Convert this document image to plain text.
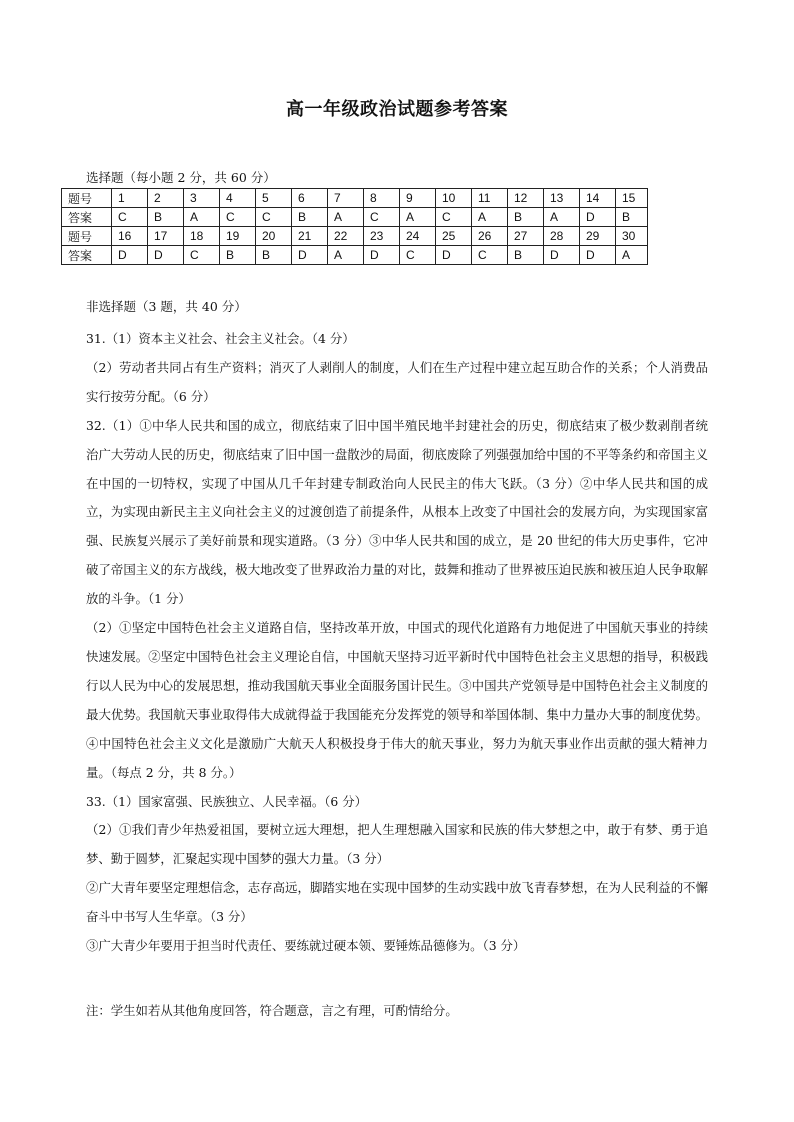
高一年级政治试题参考答案
选择题（每小题 2 分，共 60 分）
题号	1	2	3	4	5	6	7	8	9	10	11	12	13	14	15
答案	C	B	A	C	C	B	A	C	A	C	A	B	A	D	B
题号	16	17	18	19	20	21	22	23	24	25	26	27	28	29	30
答案	D	D	C	B	B	D	A	D	C	D	C	B	D	D	A
非选择题（3 题，共 40 分）

31.（1）资本主义社会、社会主义社会。（4 分）

（2）劳动者共同占有生产资料；消灭了人剥削人的制度，人们在生产过程中建立起互助合作的关系；个人消费品实行按劳分配。（6 分）

32.（1）①中华人民共和国的成立，彻底结束了旧中国半殖民地半封建社会的历史，彻底结束了极少数剥削者统治广大劳动人民的历史，彻底结束了旧中国一盘散沙的局面，彻底废除了列强强加给中国的不平等条约和帝国主义在中国的一切特权，实现了中国从几千年封建专制政治向人民民主的伟大飞跃。（3 分）②中华人民共和国的成立，为实现由新民主主义向社会主义的过渡创造了前提条件，从根本上改变了中国社会的发展方向，为实现国家富强、民族复兴展示了美好前景和现实道路。（3 分）③中华人民共和国的成立，是 20 世纪的伟大历史事件，它冲破了帝国主义的东方战线，极大地改变了世界政治力量的对比，鼓舞和推动了世界被压迫民族和被压迫人民争取解放的斗争。（1 分）

（2）①坚定中国特色社会主义道路自信，坚持改革开放，中国式的现代化道路有力地促进了中国航天事业的持续快速发展。②坚定中国特色社会主义理论自信，中国航天坚持习近平新时代中国特色社会主义思想的指导，积极践行以人民为中心的发展思想，推动我国航天事业全面服务国计民生。③中国共产党领导是中国特色社会主义制度的最大优势。我国航天事业取得伟大成就得益于我国能充分发挥党的领导和举国体制、集中力量办大事的制度优势。④中国特色社会主义文化是激励广大航天人积极投身于伟大的航天事业，努力为航天事业作出贡献的强大精神力量。（每点 2 分，共 8 分。）

33.（1）国家富强、民族独立、人民幸福。（6 分）

（2）①我们青少年热爱祖国，要树立远大理想，把人生理想融入国家和民族的伟大梦想之中，敢于有梦、勇于追梦、勤于圆梦，汇聚起实现中国梦的强大力量。（3 分）

②广大青年要坚定理想信念，志存高远，脚踏实地在实现中国梦的生动实践中放飞青春梦想，在为人民利益的不懈奋斗中书写人生华章。（3 分）

③广大青少年要用于担当时代责任、要练就过硬本领、要锤炼品德修为。（3 分）

注：学生如若从其他角度回答，符合题意，言之有理，可酌情给分。
